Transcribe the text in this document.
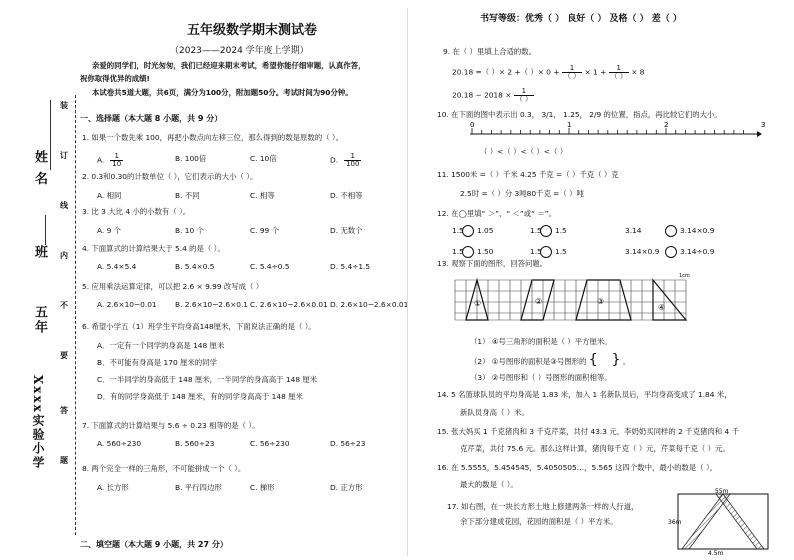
姓 名
班
五年
Xxxx实验小学
装
订
线
内
不
要
答
题
五年级数学期末测试卷
（2023——2024 学年度上学期）
书写等级：优秀（ ） 良好（ ） 及格（ ） 差（ ）
亲爱的同学们，时光匆匆，我们已经迎来期末考试，希望你能仔细审题，认真作答，
祝你取得优异的成绩!
本试卷共5道大题，共6页，满分为100分，附加题50分。考试时间为90分钟。
一、选择题（本大题 8 小题，共 9 分）
1. 如果一个数先乘 100，再把小数点向左移三位，那么得到的数是原数的（ ）。
A. $\frac{1}{10}$	B. 100倍	C. 10倍	D. $\frac{1}{100}$
2. 0.3和0.30的计数单位（ ），它们表示的大小（ ）。
A. 相同	B. 不同	C. 相等	D. 不相等
3. 比 3 大比 4 小的小数有（ ）。
A. 9 个	B. 10 个	C. 99 个	D. 无数个
4. 下面算式的计算结果大于 5.4 的是（ ）。
A. 5.4×5.4	B. 5.4×0.5	C. 5.4÷0.5	D. 5.4÷1.5
5. 应用乘法运算定律，可以把 2.6 × 9.99 改写成（ ）
A. 2.6×10−0.01 B. 2.6×10−2.6×0.1 C. 2.6×10−2.6×0.01 D. 2.6×10−2.6×0.01
6. 希望小学五（1）班学生平均身高148厘米，下面说法正确的是（ ）。
A．一定有一个同学的身高是 148 厘米
B．不可能有身高是 170 厘米的同学
C．一半同学的身高低于 148 厘米，一半同学的身高高于 148 厘米
D．有的同学身高低于 148 厘米，有的同学身高高于 148 厘米
7. 下面算式的计算结果与 5.6 ÷ 0.23 相等的是（ ）。
A. 560÷230	B. 560÷23	C. 56÷230	D. 56÷23
8. 两个完全一样的三角形，不可能拼成一个（ ）。
A. 长方形	B. 平行四边形	C. 梯形	D. 正方形
二、填空题（本大题 9 小题，共 27 分）
9. 在（ ）里填上合适的数。
20.18 =（ ）× 2 +（ ）× $0 + \frac{1}{( )} \times 1 + \frac{1}{( )} \times 8$
$20.18 - 2018 \times \frac{1}{( )}$
10. 在下面的图中表示出 0.3， 3/1， 1.25， 2/9 的位置，指点，再比较它们的大小。
0	1	2	3
（ ）<（ ）<（ ）<（ ）
11. 1500米 =（ ）千米 4.25 千克 =（ ）千克（ ）克
2.5时 =（ ）分 3吨80千克 =（ ）吨
12. 在◯里填“ ＞”、“ ＜”或“ ＝”。
1.5 1.05	1.5 1.5	3.14	3.14×0.9
1.5 1.50	1.5 1.5	3.14×0.9	3.14÷0.9
13. 观察下面的图形，回答问题。
①	②	③
④
1cm
（1） ④号三角形的面积是（ ）平方厘米。
（2） ①号图形的面积是③号图形的 {　} 。
（3） ②号图形和（ ）号图形的面积相等。
14. 5 名篮球队员的平均身高是 1.83 米，加入 1 名新队员后，平均身高变成了 1.84 米，
新队员身高（ ）米。
15. 张大妈买 1 千克猪肉和 3 千克芹菜，共付 43.3 元，李奶奶买同样的 2 千克猪肉和 4 千
克芹菜，共付 75.6 元。那么这样计算，猪肉每千克（ ）元，芹菜每千克（ ）元。
16. 在 5.5555，5.454545，5.4050505…，5.565 这四个数中，最小的数是（ ），
最大的数是（ ）。
17. 如右图，在一块长方形土地上修建两条一样的人行道，
余下部分建成花园，花园的面积是（ ）平方米。
55m
36m
4.5m
